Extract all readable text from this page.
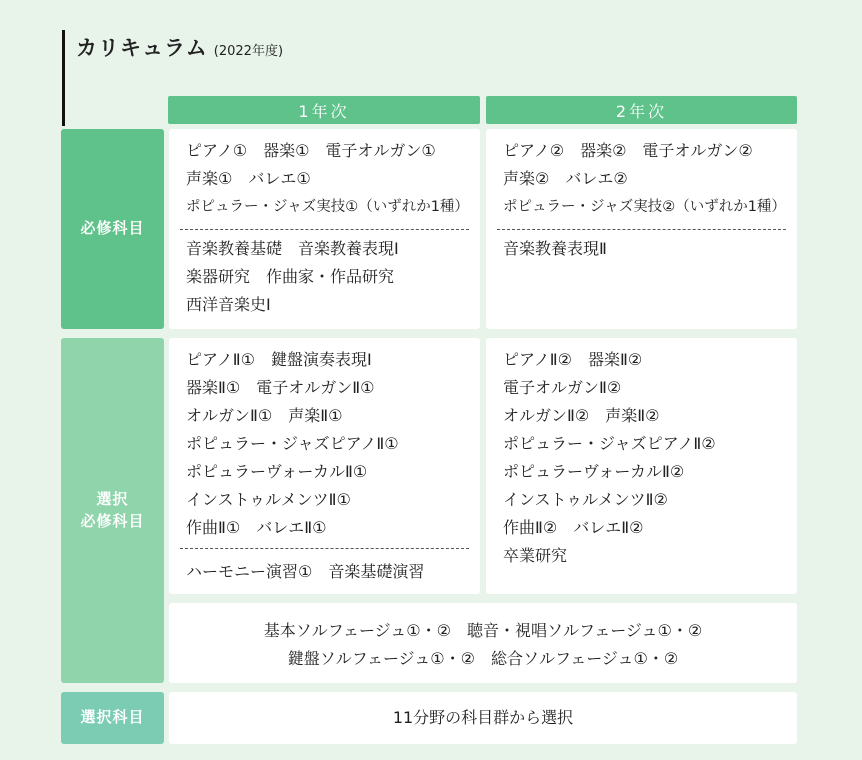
カリキュラム (2022年度)
1年次	2年次
必修科目
選択
必修科目
選択科目
ピアノ①　器楽①　電子オルガン①
声楽①　バレエ①
ポピュラー・ジャズ実技①（いずれか1種）
音楽教養基礎　音楽教養表現Ⅰ
楽器研究　作曲家・作品研究
西洋音楽史Ⅰ
ピアノ②　器楽②　電子オルガン②
声楽②　バレエ②
ポピュラー・ジャズ実技②（いずれか1種）
音楽教養表現Ⅱ
ピアノⅡ①　鍵盤演奏表現Ⅰ
器楽Ⅱ①　電子オルガンⅡ①
オルガンⅡ①　声楽Ⅱ①
ポピュラー・ジャズピアノⅡ①
ポピュラーヴォーカルⅡ①
インストゥルメンツⅡ①
作曲Ⅱ①　バレエⅡ①
ハーモニー演習①　音楽基礎演習
ピアノⅡ②　器楽Ⅱ②
電子オルガンⅡ②
オルガンⅡ②　声楽Ⅱ②
ポピュラー・ジャズピアノⅡ②
ポピュラーヴォーカルⅡ②
インストゥルメンツⅡ②
作曲Ⅱ②　バレエⅡ②
卒業研究
基本ソルフェージュ①・②　聴音・視唱ソルフェージュ①・②
鍵盤ソルフェージュ①・②　総合ソルフェージュ①・②
11分野の科目群から選択
